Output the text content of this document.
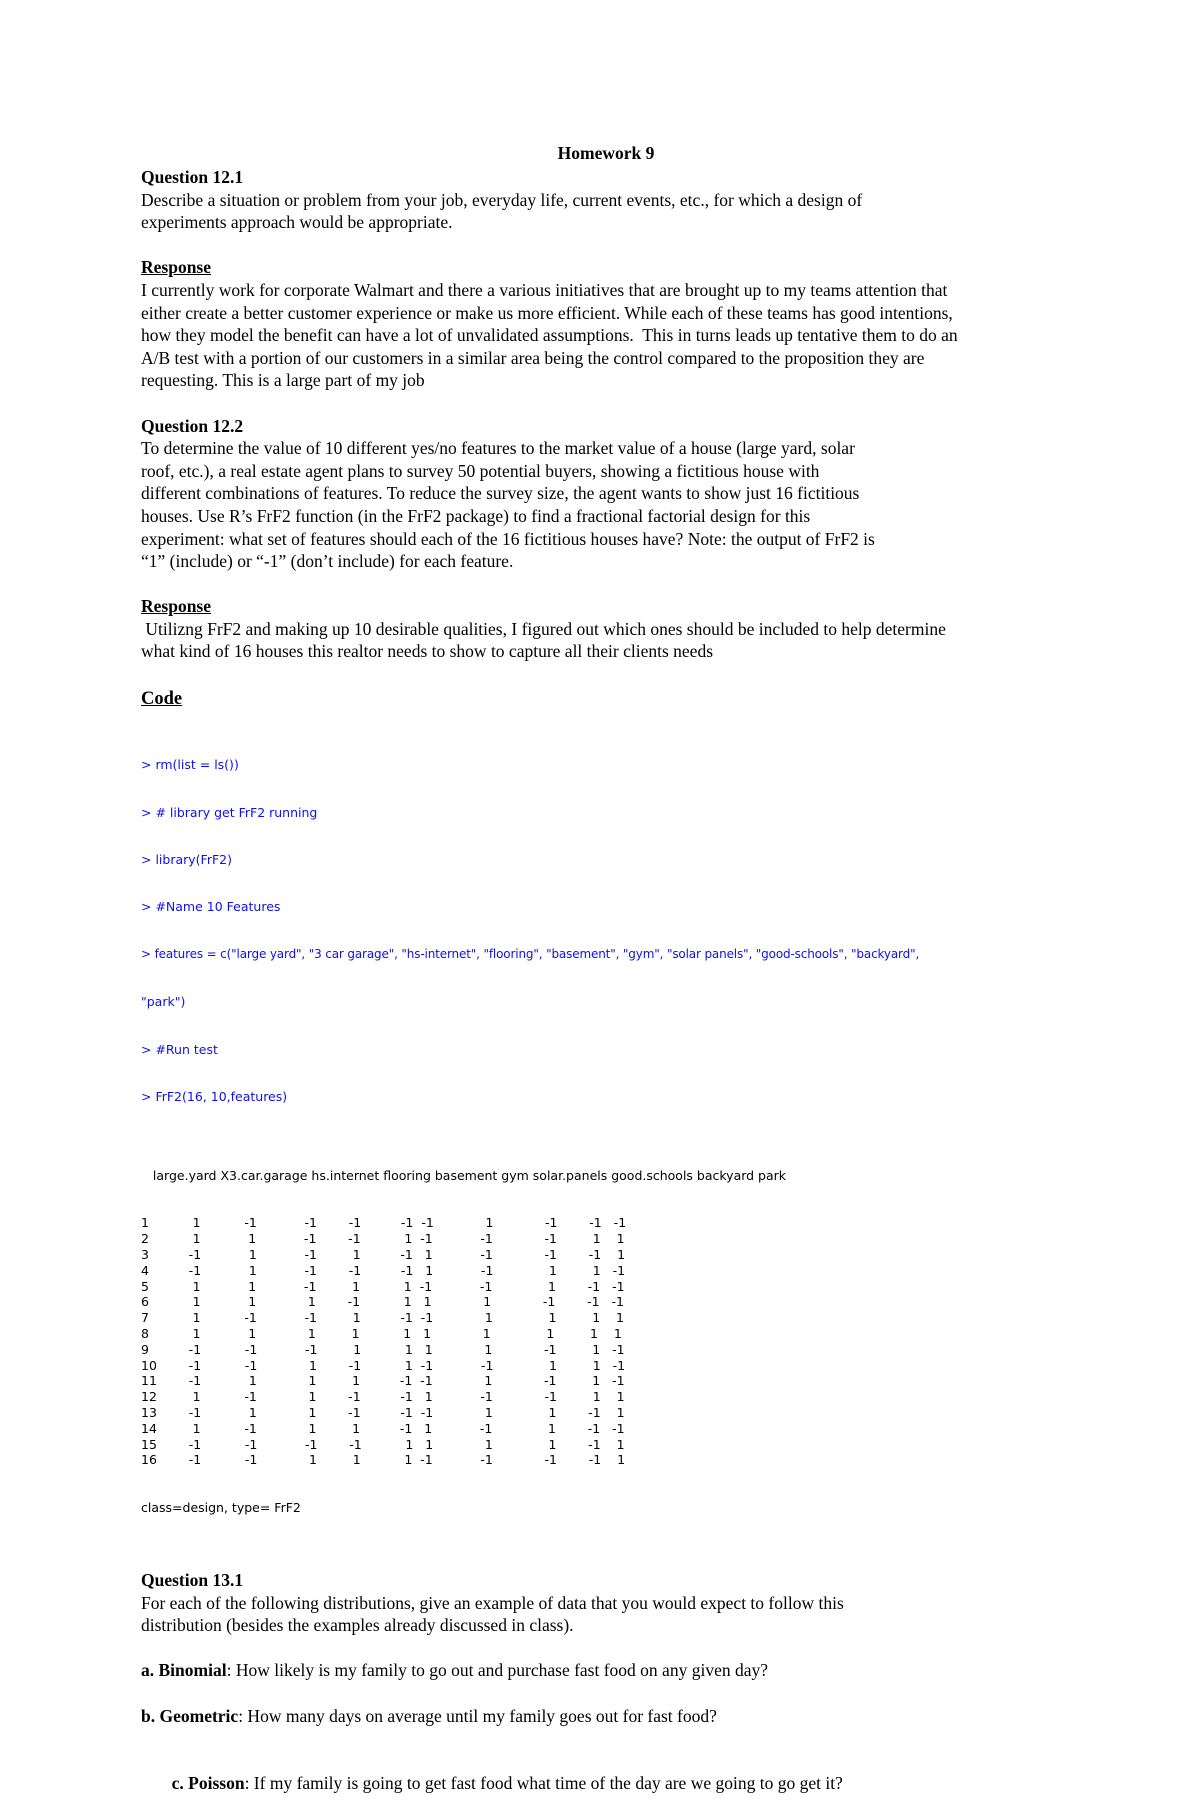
Homework 9

Question 12.1

Describe a situation or problem from your job, everyday life, current events, etc., for which a design of

experiments approach would be appropriate.

Response

I currently work for corporate Walmart and there a various initiatives that are brought up to my teams attention that

either create a better customer experience or make us more efficient. While each of these teams has good intentions,

how they model the benefit can have a lot of unvalidated assumptions.  This in turns leads up tentative them to do an

A/B test with a portion of our customers in a similar area being the control compared to the proposition they are

requesting. This is a large part of my job

Question 12.2

To determine the value of 10 different yes/no features to the market value of a house (large yard, solar

roof, etc.), a real estate agent plans to survey 50 potential buyers, showing a fictitious house with

different combinations of features. To reduce the survey size, the agent wants to show just 16 fictitious

houses. Use R’s FrF2 function (in the FrF2 package) to find a fractional factorial design for this

experiment: what set of features should each of the 16 fictitious houses have? Note: the output of FrF2 is

“1” (include) or “-1” (don’t include) for each feature.

Response

Utilizng FrF2 and making up 10 desirable qualities, I figured out which ones should be included to help determine

what kind of 16 houses this realtor needs to show to capture all their clients needs

Code

> rm(list = ls())

> # library get FrF2 running

> library(FrF2)

> #Name 10 Features

> features = c("large yard", "3 car garage", "hs-internet", "flooring", "basement", "gym", "solar panels", "good-schools", "backyard",

"park")

> #Run test

> FrF2(16, 10,features)

large.yard X3.car.garage hs.internet flooring basement gym solar.panels good.schools backyard park

1           1           -1            -1        -1          -1  -1             1             -1        -1   -1
2           1            1            -1        -1           1  -1            -1             -1         1    1
3          -1            1            -1         1          -1   1            -1             -1        -1    1
4          -1            1            -1        -1          -1   1            -1              1         1   -1
5           1            1            -1         1           1  -1            -1              1        -1   -1
6           1            1             1        -1           1   1             1             -1        -1   -1
7           1           -1            -1         1          -1  -1             1              1         1    1
8           1            1             1         1           1   1             1              1         1    1
9          -1           -1            -1         1           1   1             1             -1         1   -1
10        -1           -1             1        -1           1  -1            -1              1         1   -1
11        -1            1             1         1          -1  -1             1             -1         1   -1
12         1           -1             1        -1          -1   1            -1             -1         1    1
13        -1            1             1        -1          -1  -1             1              1        -1    1
14         1           -1             1         1          -1   1            -1              1        -1   -1
15        -1           -1            -1        -1           1   1             1              1        -1    1
16        -1           -1             1         1           1  -1            -1             -1        -1    1

class=design, type= FrF2

Question 13.1

For each of the following distributions, give an example of data that you would expect to follow this

distribution (besides the examples already discussed in class).

a. Binomial: How likely is my family to go out and purchase fast food on any given day?

b. Geometric: How many days on average until my family goes out for fast food?

c. Poisson: If my family is going to get fast food what time of the day are we going to go get it?
